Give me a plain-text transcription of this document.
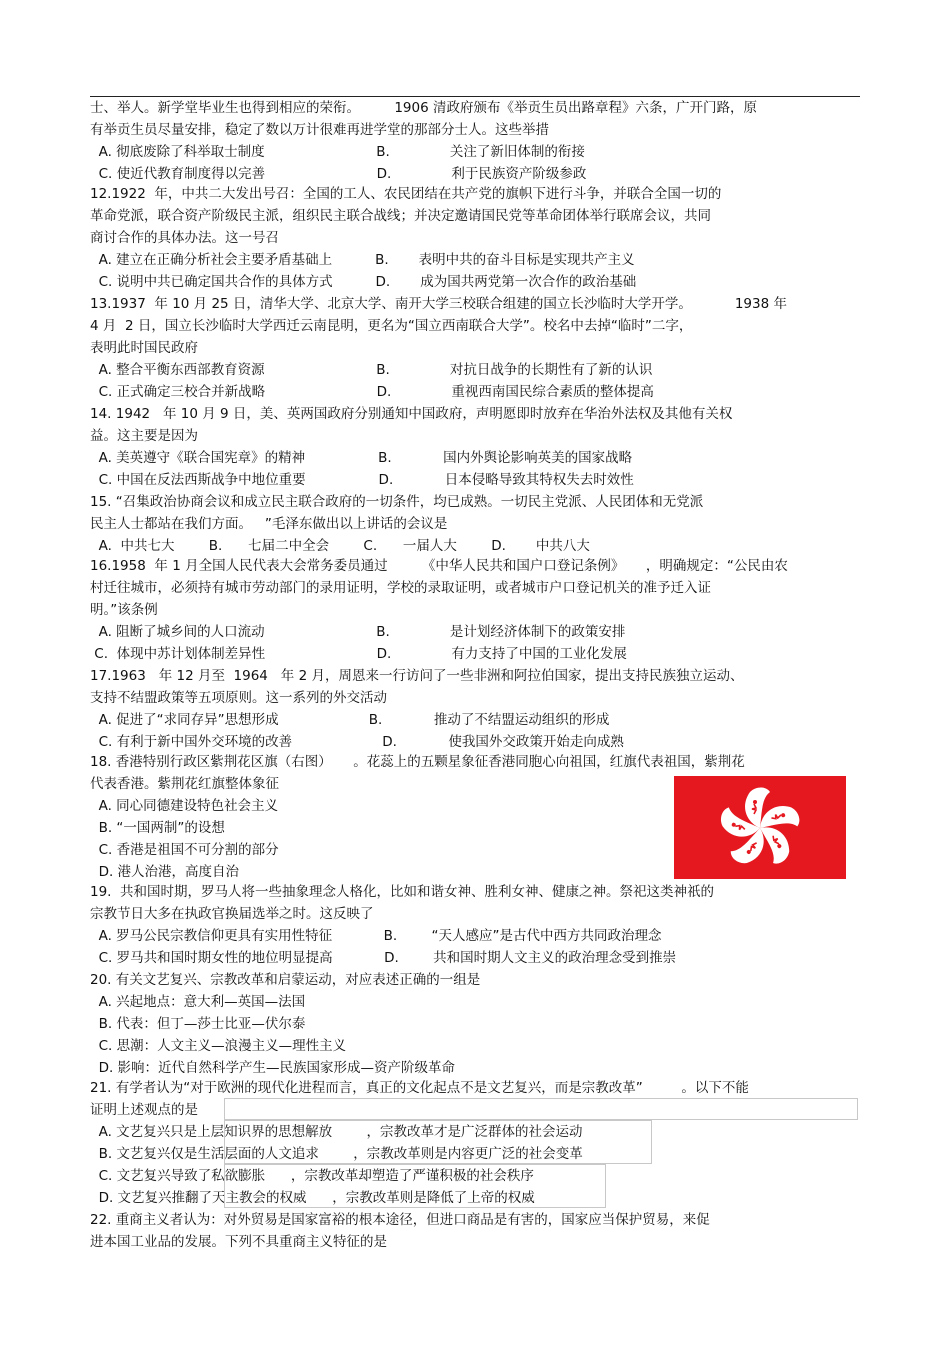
士、举人。新学堂毕业生也得到相应的荣衔。        1906 清政府颁布《举贡生员出路章程》六条，广开门路，原
有举贡生员尽量安排，稳定了数以万计很难再进学堂的那部分士人。这些举措
A. 彻底废除了科举取士制度                          B.              关注了新旧体制的衔接
C. 使近代教育制度得以完善                          D.              利于民族资产阶级参政
12.1922  年，中共二大发出号召：全国的工人、农民团结在共产党的旗帜下进行斗争，并联合全国一切的
革命党派，联合资产阶级民主派，组织民主联合战线；并决定邀请国民党等革命团体举行联席会议，共同
商讨合作的具体办法。这一号召
A. 建立在正确分析社会主要矛盾基础上          B.       表明中共的奋斗目标是实现共产主义
C. 说明中共已确定国共合作的具体方式          D.       成为国共两党第一次合作的政治基础
13.1937  年 10 月 25 日，清华大学、北京大学、南开大学三校联合组建的国立长沙临时大学开学。          1938 年
4 月  2 日，国立长沙临时大学西迁云南昆明，更名为“国立西南联合大学”。校名中去掉“临时”二字，
表明此时国民政府
A. 整合平衡东西部教育资源                          B.              对抗日战争的长期性有了新的认识
C. 正式确定三校合并新战略                          D.              重视西南国民综合素质的整体提高
14. 1942   年 10 月 9 日，美、英两国政府分别通知中国政府，声明愿即时放弃在华治外法权及其他有关权
益。这主要是因为
A. 美英遵守《联合国宪章》的精神                 B.            国内外舆论影响英美的国家战略
C. 中国在反法西斯战争中地位重要                 D.            日本侵略导致其特权失去时效性
15. “召集政治协商会议和成立民主联合政府的一切条件，均已成熟。一切民主党派、人民团体和无党派
民主人士都站在我们方面。   ”毛泽东做出以上讲话的会议是
A.  中共七大        B.      七届二中全会        C.      一届人大        D.       中共八大
16.1958  年 1 月全国人民代表大会常务委员通过        《中华人民共和国户口登记条例》     ，明确规定：“公民由农
村迁往城市，必须持有城市劳动部门的录用证明，学校的录取证明，或者城市户口登记机关的准予迁入证
明。”该条例
A. 阻断了城乡间的人口流动                          B.              是计划经济体制下的政策安排
C.  体现中苏计划体制差异性                          D.              有力支持了中国的工业化发展
17.1963   年 12 月至  1964   年 2 月，周恩来一行访问了一些非洲和阿拉伯国家，提出支持民族独立运动、
支持不结盟政策等五项原则。这一系列的外交活动
A. 促进了“求同存异”思想形成                     B.            推动了不结盟运动组织的形成
C. 有利于新中国外交环境的改善                     D.            使我国外交政策开始走向成熟
18. 香港特别行政区紫荆花区旗（右图）     。花蕊上的五颗星象征香港同胞心向祖国，红旗代表祖国，紫荆花
代表香港。紫荆花红旗整体象征
A. 同心同德建设特色社会主义
B. “一国两制”的设想
C. 香港是祖国不可分割的部分
D. 港人治港，高度自治
19.  共和国时期，罗马人将一些抽象理念人格化，比如和谐女神、胜利女神、健康之神。祭祀这类神祇的
宗教节日大多在执政官换届选举之时。这反映了
A. 罗马公民宗教信仰更具有实用性特征            B.        “天人感应”是古代中西方共同政治理念
C. 罗马共和国时期女性的地位明显提高            D.        共和国时期人文主义的政治理念受到推崇
20. 有关文艺复兴、宗教改革和启蒙运动，对应表述正确的一组是
A. 兴起地点：意大利—英国—法国
B. 代表：但丁—莎士比亚—伏尔泰
C. 思潮：人文主义—浪漫主义—理性主义
D. 影响：近代自然科学产生—民族国家形成—资产阶级革命
21. 有学者认为“对于欧洲的现代化进程而言，真正的文化起点不是文艺复兴，而是宗教改革”         。以下不能
证明上述观点的是
A. 文艺复兴只是上层知识界的思想解放        ，宗教改革才是广泛群体的社会运动
B. 文艺复兴仅是生活层面的人文追求        ，宗教改革则是内容更广泛的社会变革
C. 文艺复兴导致了私欲膨胀      ，宗教改革却塑造了严谨积极的社会秩序
D. 文艺复兴推翻了天主教会的权威      ，宗教改革则是降低了上帝的权威
22. 重商主义者认为：对外贸易是国家富裕的根本途径，但进口商品是有害的，国家应当保护贸易，来促
进本国工业品的发展。下列不具重商主义特征的是
